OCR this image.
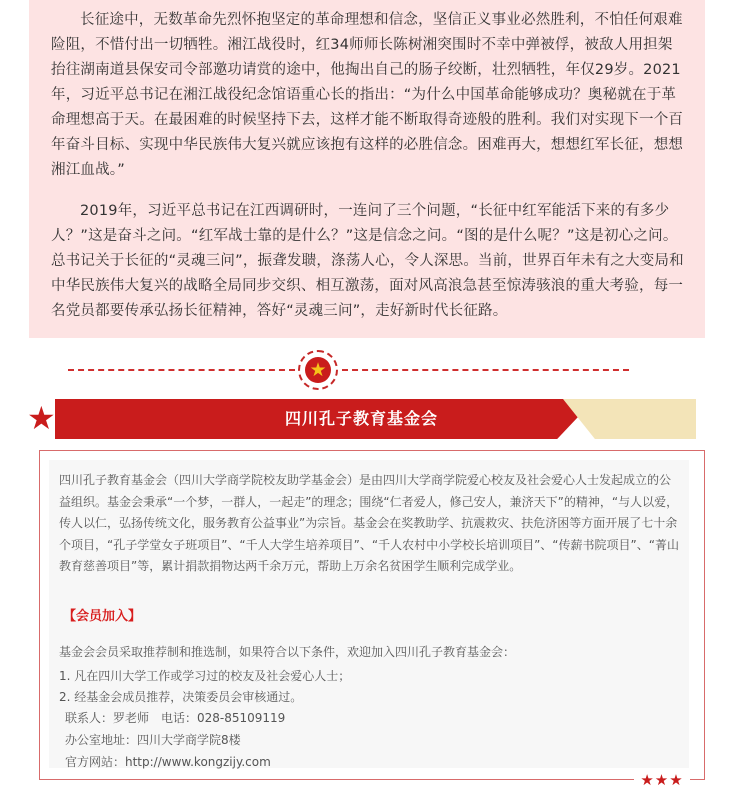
长征途中，无数革命先烈怀抱坚定的革命理想和信念，坚信正义事业必然胜利，不怕任何艰难险阻，不惜付出一切牺牲。湘江战役时，红34师师长陈树湘突围时不幸中弹被俘，被敌人用担架抬往湖南道县保安司令部邀功请赏的途中，他掏出自己的肠子绞断，壮烈牺牲，年仅29岁。2021年，习近平总书记在湘江战役纪念馆语重心长的指出：“为什么中国革命能够成功？奥秘就在于革命理想高于天。在最困难的时候坚持下去，这样才能不断取得奇迹般的胜利。我们对实现下一个百年奋斗目标、实现中华民族伟大复兴就应该抱有这样的必胜信念。困难再大，想想红军长征，想想湘江血战。”

2019年，习近平总书记在江西调研时，一连问了三个问题，“长征中红军能活下来的有多少人？”这是奋斗之问。“红军战士靠的是什么？”这是信念之问。“图的是什么呢？”这是初心之问。总书记关于长征的“灵魂三问”，振聋发聩，涤荡人心，令人深思。当前，世界百年未有之大变局和中华民族伟大复兴的战略全局同步交织、相互激荡，面对风高浪急甚至惊涛骇浪的重大考验，每一名党员都要传承弘扬长征精神，答好“灵魂三问”，走好新时代长征路。

★
★	四川孔子教育基金会

四川孔子教育基金会（四川大学商学院校友助学基金会）是由四川大学商学院爱心校友及社会爱心人士发起成立的公益组织。基金会秉承“一个梦，一群人，一起走”的理念；围绕“仁者爱人，修己安人，兼济天下”的精神，“与人以爱，传人以仁，弘扬传统文化，服务教育公益事业”为宗旨。基金会在奖教助学、抗震救灾、扶危济困等方面开展了七十余个项目，“孔子学堂女子班项目”、“千人大学生培养项目”、“千人农村中小学校长培训项目”、“传薪书院项目”、“菁山教育慈善项目”等，累计捐款捐物达两千余万元，帮助上万余名贫困学生顺利完成学业。

【会员加入】

基金会会员采取推荐制和推选制，如果符合以下条件，欢迎加入四川孔子教育基金会：

1. 凡在四川大学工作或学习过的校友及社会爱心人士；

2. 经基金会成员推荐，决策委员会审核通过。

联系人：罗老师　电话：028-85109119

办公室地址：四川大学商学院8楼

官方网站：http://www.kongzijy.com

★★★
